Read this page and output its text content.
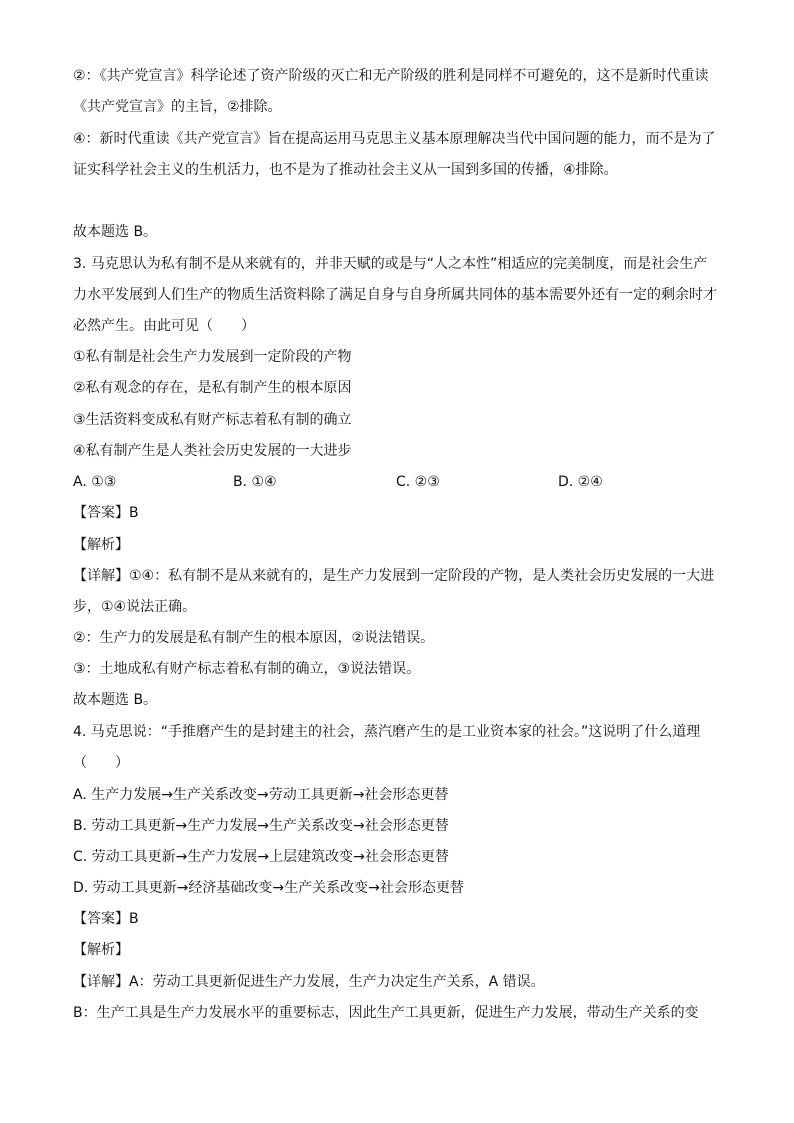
②：《共产党宣言》科学论述了资产阶级的灭亡和无产阶级的胜利是同样不可避免的，这不是新时代重读
《共产党宣言》的主旨，②排除。
④：新时代重读《共产党宣言》旨在提高运用马克思主义基本原理解决当代中国问题的能力，而不是为了
证实科学社会主义的生机活力，也不是为了推动社会主义从一国到多国的传播，④排除。
故本题选 B。
3. 马克思认为私有制不是从来就有的，并非天赋的或是与“人之本性”相适应的完美制度，而是社会生产
力水平发展到人们生产的物质生活资料除了满足自身与自身所属共同体的基本需要外还有一定的剩余时才
必然产生。由此可见（　　）
①私有制是社会生产力发展到一定阶段的产物
②私有观念的存在，是私有制产生的根本原因
③生活资料变成私有财产标志着私有制的确立
④私有制产生是人类社会历史发展的一大进步
A. ①③	B. ①④	C. ②③	D. ②④
【答案】B
【解析】
【详解】①④：私有制不是从来就有的，是生产力发展到一定阶段的产物，是人类社会历史发展的一大进
步，①④说法正确。
②：生产力的发展是私有制产生的根本原因，②说法错误。
③：土地成私有财产标志着私有制的确立，③说法错误。
故本题选 B。
4. 马克思说：“手推磨产生的是封建主的社会，蒸汽磨产生的是工业资本家的社会。”这说明了什么道理
（　　）
A. 生产力发展→生产关系改变→劳动工具更新→社会形态更替
B. 劳动工具更新→生产力发展→生产关系改变→社会形态更替
C. 劳动工具更新→生产力发展→上层建筑改变→社会形态更替
D. 劳动工具更新→经济基础改变→生产关系改变→社会形态更替
【答案】B
【解析】
【详解】A：劳动工具更新促进生产力发展，生产力决定生产关系，A 错误。
B：生产工具是生产力发展水平的重要标志，因此生产工具更新，促进生产力发展，带动生产关系的变
